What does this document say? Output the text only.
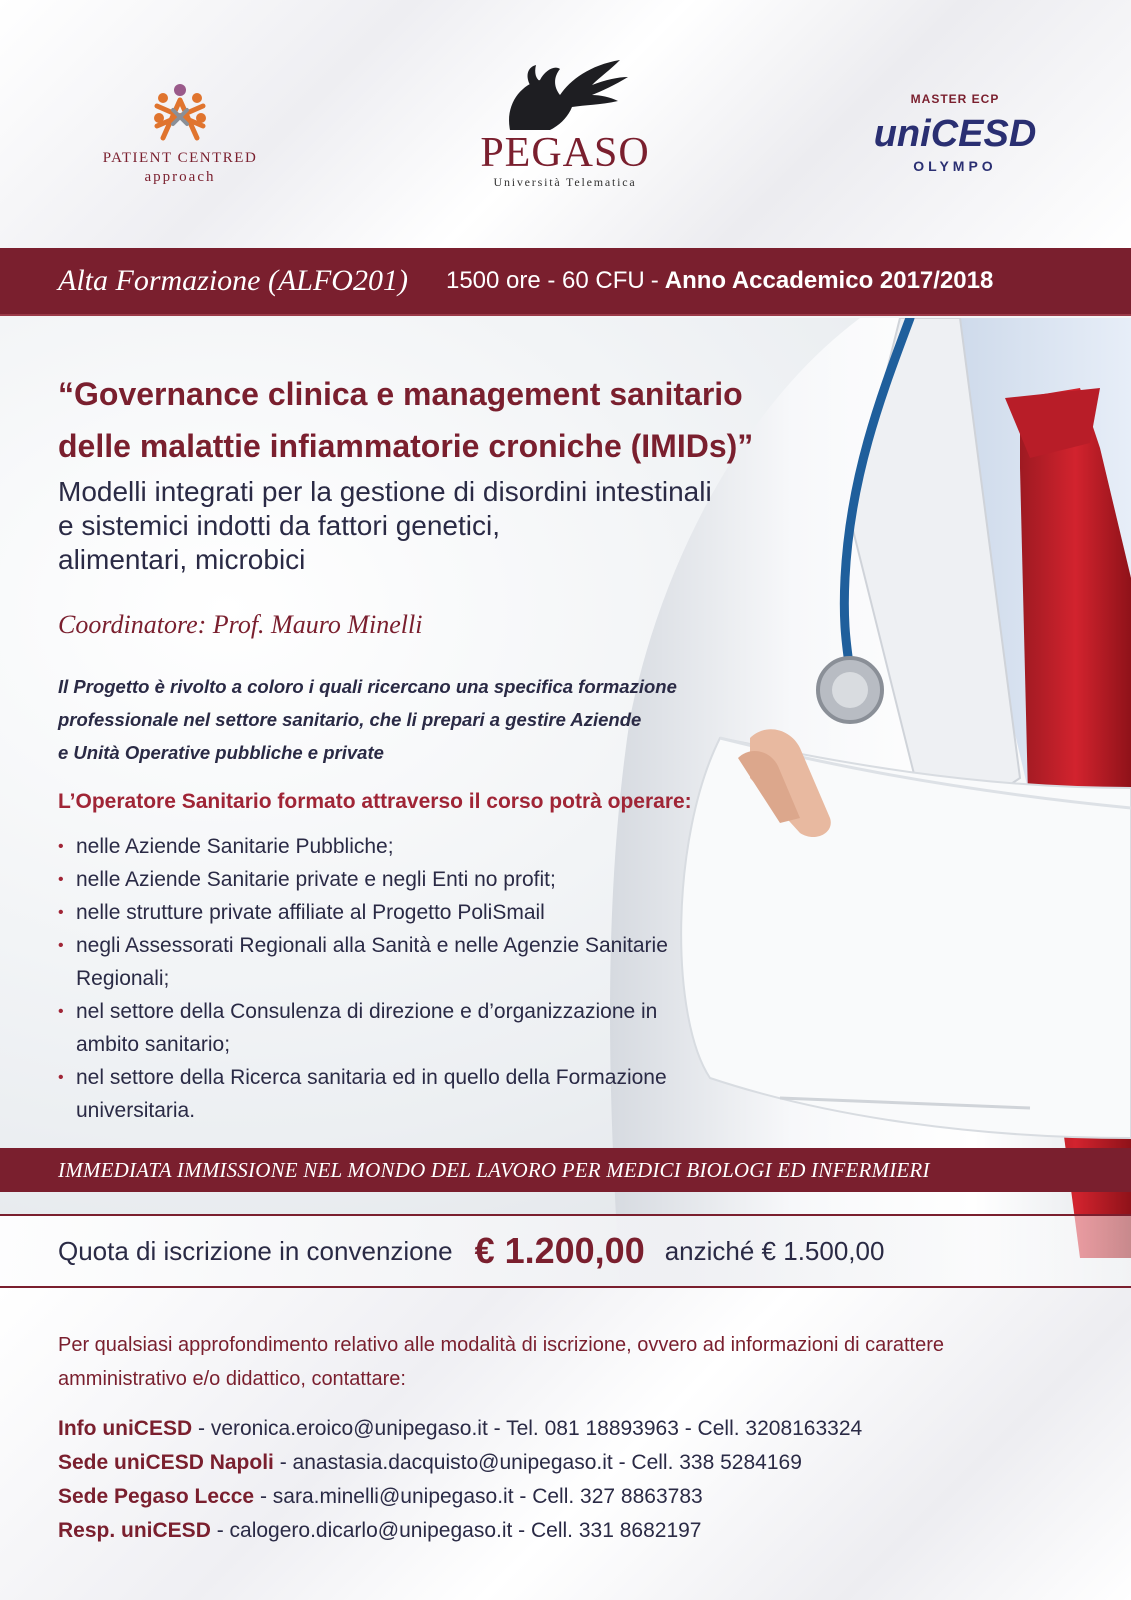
PATIENT CENTRED
approach
PEGASO
Università Telematica
MASTER ECP
uniCESD
OLYMPO
Alta Formazione (ALFO201) 1500 ore - 60 CFU - Anno Accademico 2017/2018
“Governance clinica e management sanitario
delle malattie infiammatorie croniche (IMIDs)”
Modelli integrati per la gestione di disordini intestinali
e sistemici indotti da fattori genetici,
alimentari, microbici
Coordinatore: Prof. Mauro Minelli
Il Progetto è rivolto a coloro i quali ricercano una specifica formazione
professionale nel settore sanitario, che li prepari a gestire Aziende
e Unità Operative pubbliche e private
L’Operatore Sanitario formato attraverso il corso potrà operare:
• nelle Aziende Sanitarie Pubbliche;
• nelle Aziende Sanitarie private e negli Enti no profit;
• nelle strutture private affiliate al Progetto PoliSmail
• negli Assessorati Regionali alla Sanità e nelle Agenzie Sanitarie Regionali;
• nel settore della Consulenza di direzione e d’organizzazione in ambito sanitario;
• nel settore della Ricerca sanitaria ed in quello della Formazione universitaria.
IMMEDIATA IMMISSIONE NEL MONDO DEL LAVORO PER MEDICI BIOLOGI ED INFERMIERI
Quota di iscrizione in convenzione € 1.200,00 anziché € 1.500,00
Per qualsiasi approfondimento relativo alle modalità di iscrizione, ovvero ad informazioni di carattere amministrativo e/o didattico, contattare:
Info uniCESD - veronica.eroico@unipegaso.it - Tel. 081 18893963 - Cell. 3208163324
Sede uniCESD Napoli - anastasia.dacquisto@unipegaso.it - Cell. 338 5284169
Sede Pegaso Lecce - sara.minelli@unipegaso.it - Cell. 327 8863783
Resp. uniCESD - calogero.dicarlo@unipegaso.it - Cell. 331 8682197
